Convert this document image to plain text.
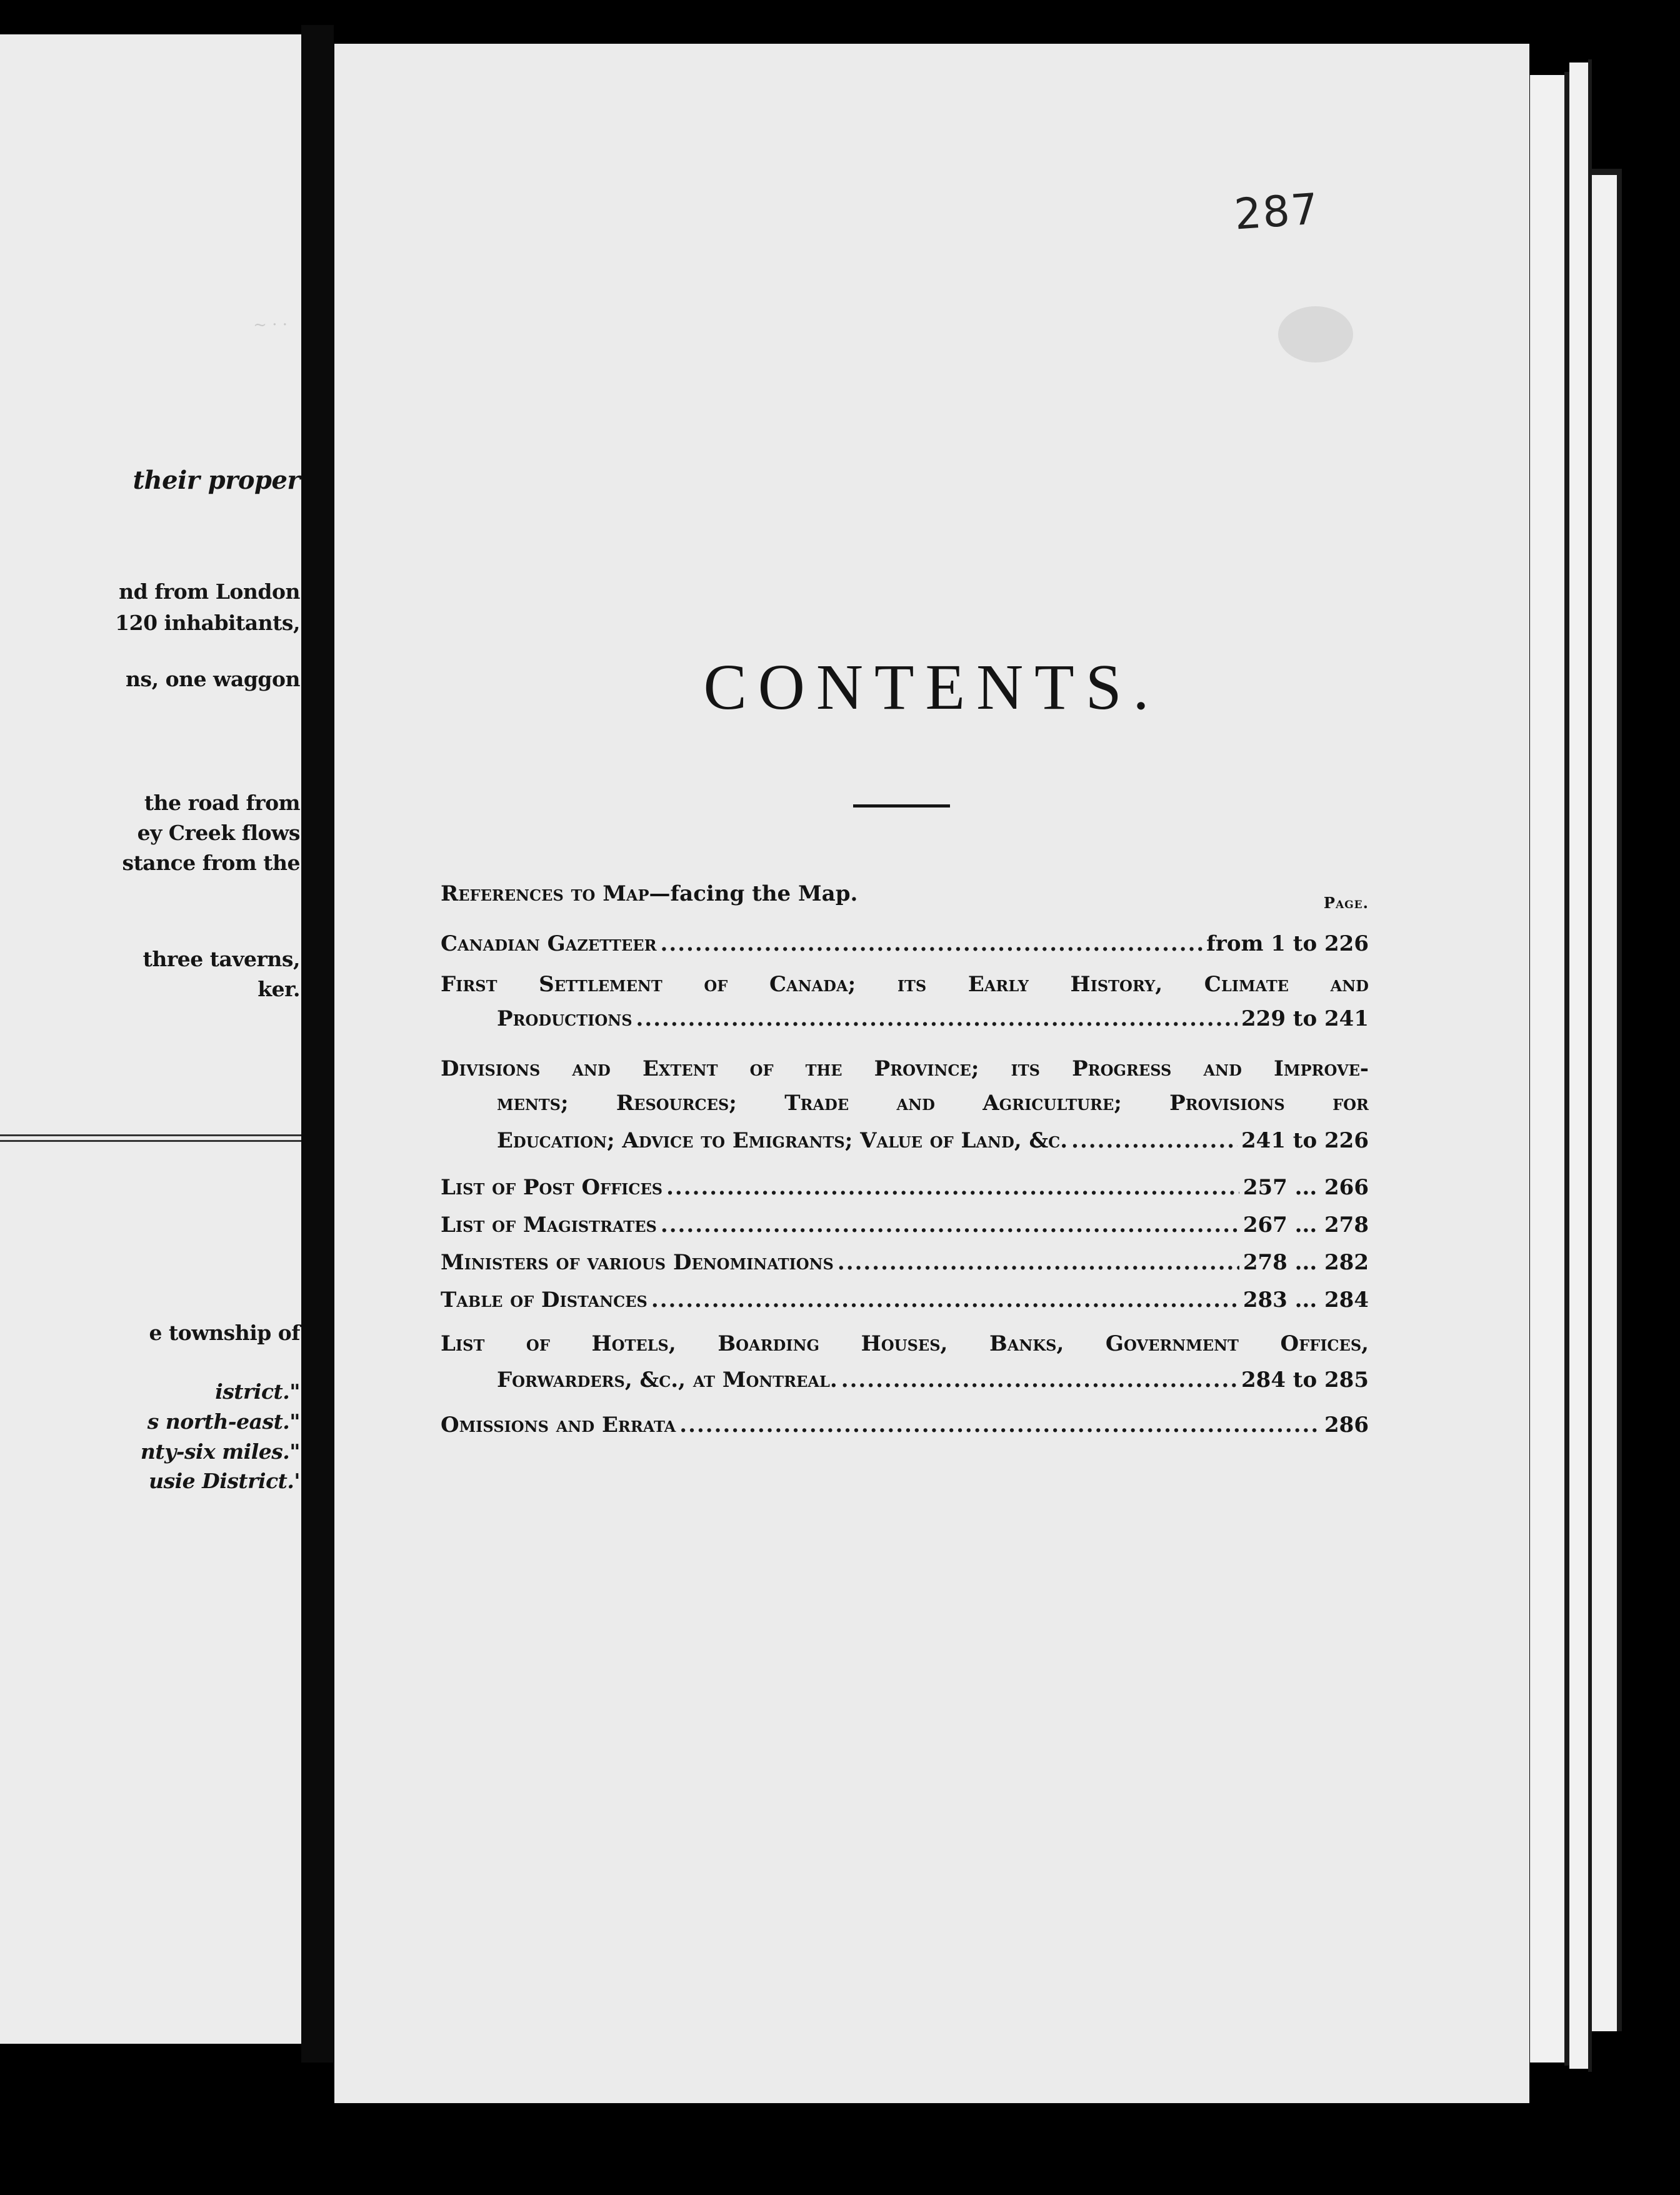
~ · ·
their proper
nd from London
120 inhabitants,
ns, one waggon
the road from
ey Creek flows
stance from the
three taverns,
ker.
e township of
istrict."
s north-east."
nty-six miles."
usie District.'
287
CONTENTS.
Page.
References to Map—facing the Map.
Canadian Gazetteer .....	from 1 to 226
First Settlement of Canada; its Early History, Climate and
Productions .....	229 to 241
Divisions and Extent of the Province; its Progress and Improve-
ments; Resources; Trade and Agriculture; Provisions for
Education; Advice to Emigrants; Value of Land, &c. .....	241 to 226
List of Post Offices .....	257 ... 266
List of Magistrates .....	267 ... 278
Ministers of various Denominations .....	278 ... 282
Table of Distances .....	283 ... 284
List of Hotels, Boarding Houses, Banks, Government Offices,
Forwarders, &c., at Montreal. .....	284 to 285
Omissions and Errata .....	286
